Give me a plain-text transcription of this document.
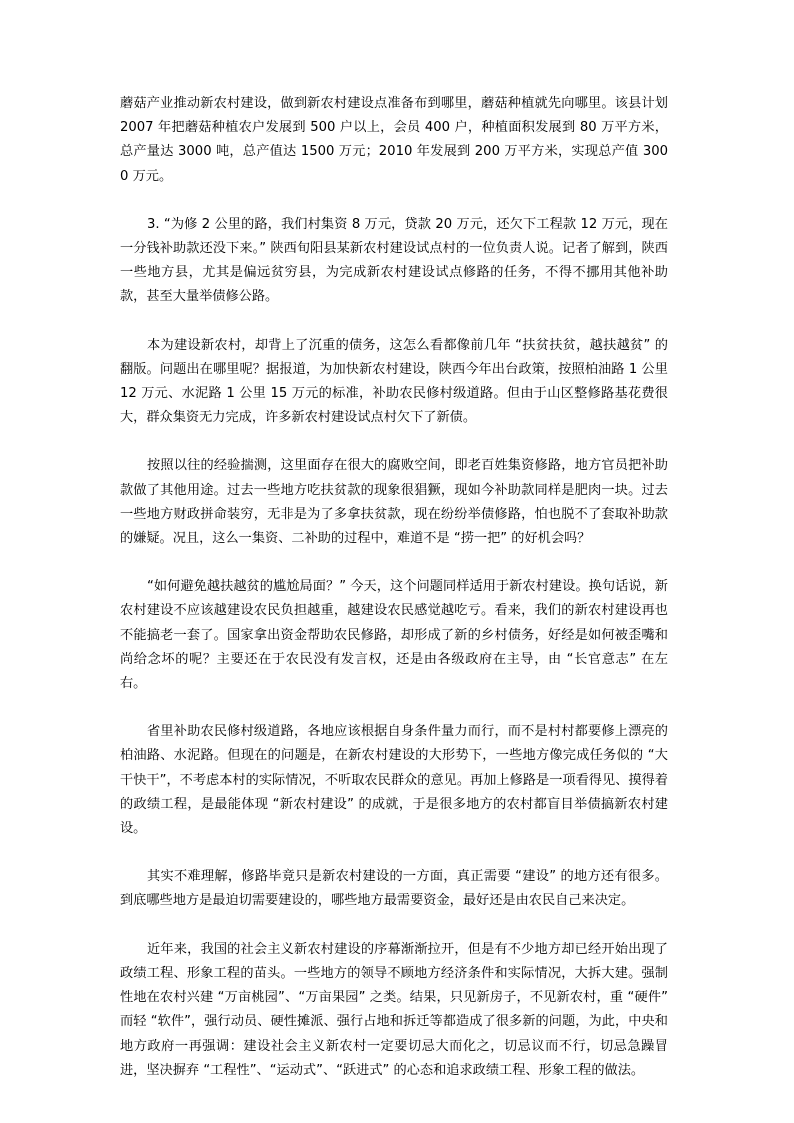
蘑菇产业推动新农村建设，做到新农村建设点准备布到哪里，蘑菇种植就先向哪里。该县计划 2007 年把蘑菇种植农户发展到 500 户以上，会员 400 户，种植面积发展到 80 万平方米，总产量达 3000 吨，总产值达 1500 万元；2010 年发展到 200 万平方米，实现总产值 3000 万元。

3. “为修 2 公里的路，我们村集资 8 万元，贷款 20 万元，还欠下工程款 12 万元，现在一分钱补助款还没下来。” 陕西旬阳县某新农村建设试点村的一位负责人说。记者了解到，陕西一些地方县，尤其是偏远贫穷县，为完成新农村建设试点修路的任务，不得不挪用其他补助款，甚至大量举债修公路。

本为建设新农村，却背上了沉重的债务，这怎么看都像前几年 “扶贫扶贫，越扶越贫” 的翻版。问题出在哪里呢？据报道，为加快新农村建设，陕西今年出台政策，按照柏油路 1 公里 12 万元、水泥路 1 公里 15 万元的标准，补助农民修村级道路。但由于山区整修路基花费很大，群众集资无力完成，许多新农村建设试点村欠下了新债。

按照以往的经验揣测，这里面存在很大的腐败空间，即老百姓集资修路，地方官员把补助款做了其他用途。过去一些地方吃扶贫款的现象很猖獗，现如今补助款同样是肥肉一块。过去一些地方财政拼命装穷，无非是为了多拿扶贫款，现在纷纷举债修路，怕也脱不了套取补助款的嫌疑。况且，这么一集资、二补助的过程中，难道不是 “捞一把” 的好机会吗？

“如何避免越扶越贫的尴尬局面？” 今天，这个问题同样适用于新农村建设。换句话说，新农村建设不应该越建设农民负担越重，越建设农民感觉越吃亏。看来，我们的新农村建设再也不能搞老一套了。国家拿出资金帮助农民修路，却形成了新的乡村债务，好经是如何被歪嘴和尚给念坏的呢？主要还在于农民没有发言权，还是由各级政府在主导，由 “长官意志” 在左右。

省里补助农民修村级道路，各地应该根据自身条件量力而行，而不是村村都要修上漂亮的柏油路、水泥路。但现在的问题是，在新农村建设的大形势下，一些地方像完成任务似的 “大干快干”，不考虑本村的实际情况，不听取农民群众的意见。再加上修路是一项看得见、摸得着的政绩工程，是最能体现 “新农村建设” 的成就，于是很多地方的农村都盲目举债搞新农村建设。

其实不难理解，修路毕竟只是新农村建设的一方面，真正需要 “建设” 的地方还有很多。到底哪些地方是最迫切需要建设的，哪些地方最需要资金，最好还是由农民自己来决定。

近年来，我国的社会主义新农村建设的序幕渐渐拉开，但是有不少地方却已经开始出现了政绩工程、形象工程的苗头。一些地方的领导不顾地方经济条件和实际情况，大拆大建。强制性地在农村兴建 “万亩桃园”、“万亩果园” 之类。结果，只见新房子，不见新农村，重 “硬件” 而轻 “软件”，强行动员、硬性摊派、强行占地和拆迁等都造成了很多新的问题，为此，中央和地方政府一再强调：建设社会主义新农村一定要切忌大而化之，切忌议而不行，切忌急躁冒进，坚决摒弃 “工程性”、“运动式”、“跃进式” 的心态和追求政绩工程、形象工程的做法。
